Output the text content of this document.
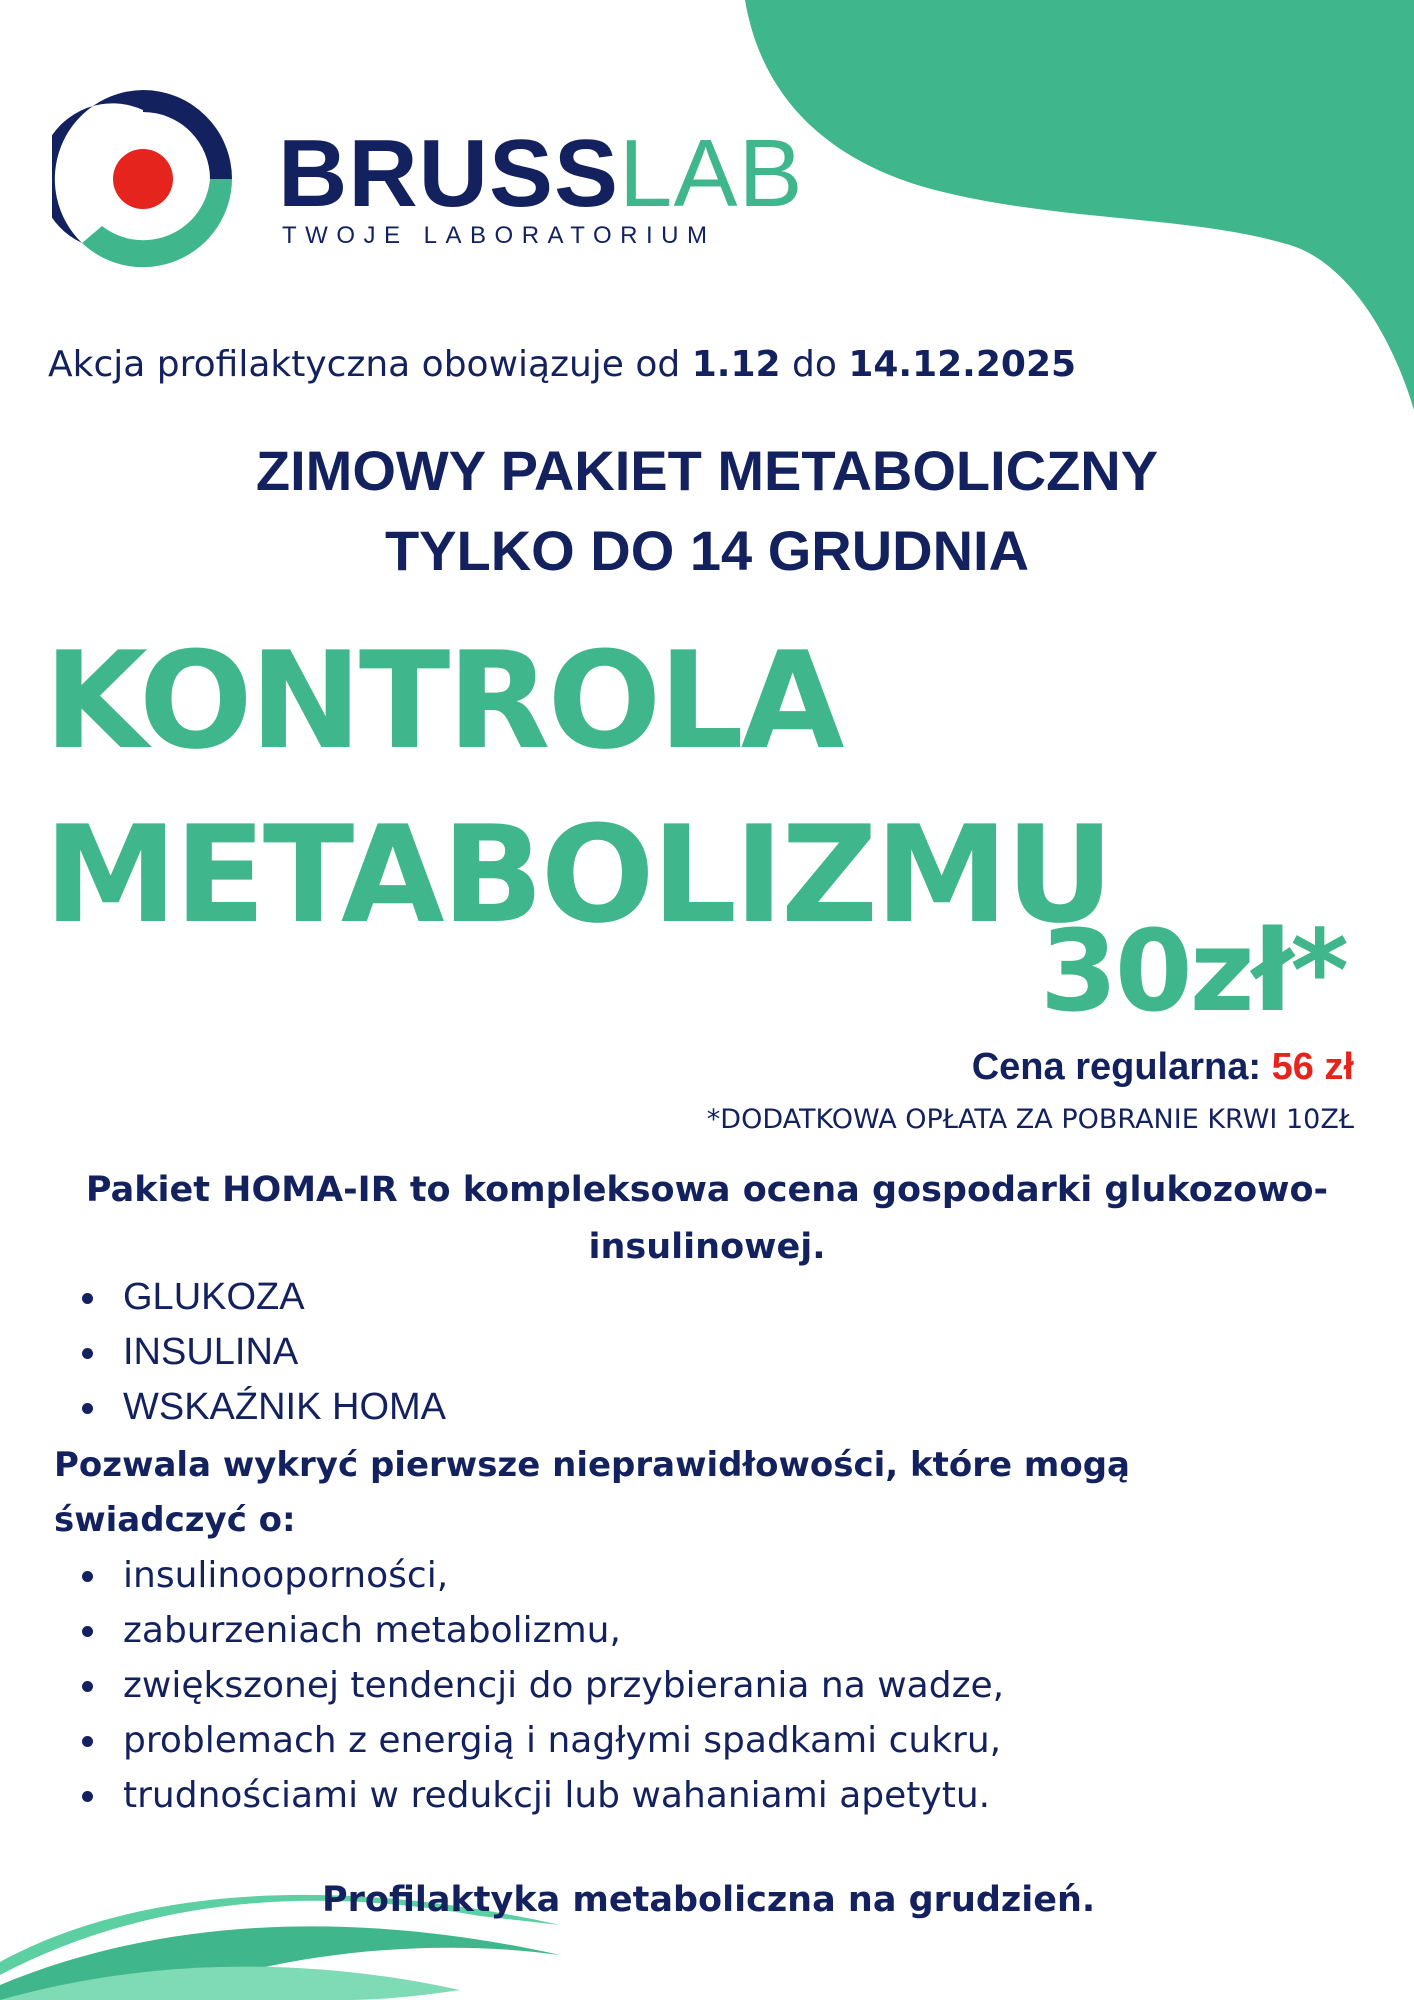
BRUSSLAB
TWOJE LABORATORIUM
Akcja profilaktyczna obowiązuje od 1.12 do 14.12.2025
ZIMOWY PAKIET METABOLICZNY
TYLKO DO 14 GRUDNIA
KONTROLA
METABOLIZMU
30zł*
Cena regularna: 56 zł
*DODATKOWA OPŁATA ZA POBRANIE KRWI 10ZŁ
Pakiet HOMA-IR to kompleksowa ocena gospodarki glukozowo-insulinowej.
GLUKOZA
INSULINA
WSKAŹNIK HOMA
Pozwala wykryć pierwsze nieprawidłowości, które mogą świadczyć o:
insulinooporności,
zaburzeniach metabolizmu,
zwiększonej tendencji do przybierania na wadze,
problemach z energią i nagłymi spadkami cukru,
trudnościami w redukcji lub wahaniami apetytu.
Profilaktyka metaboliczna na grudzień.
